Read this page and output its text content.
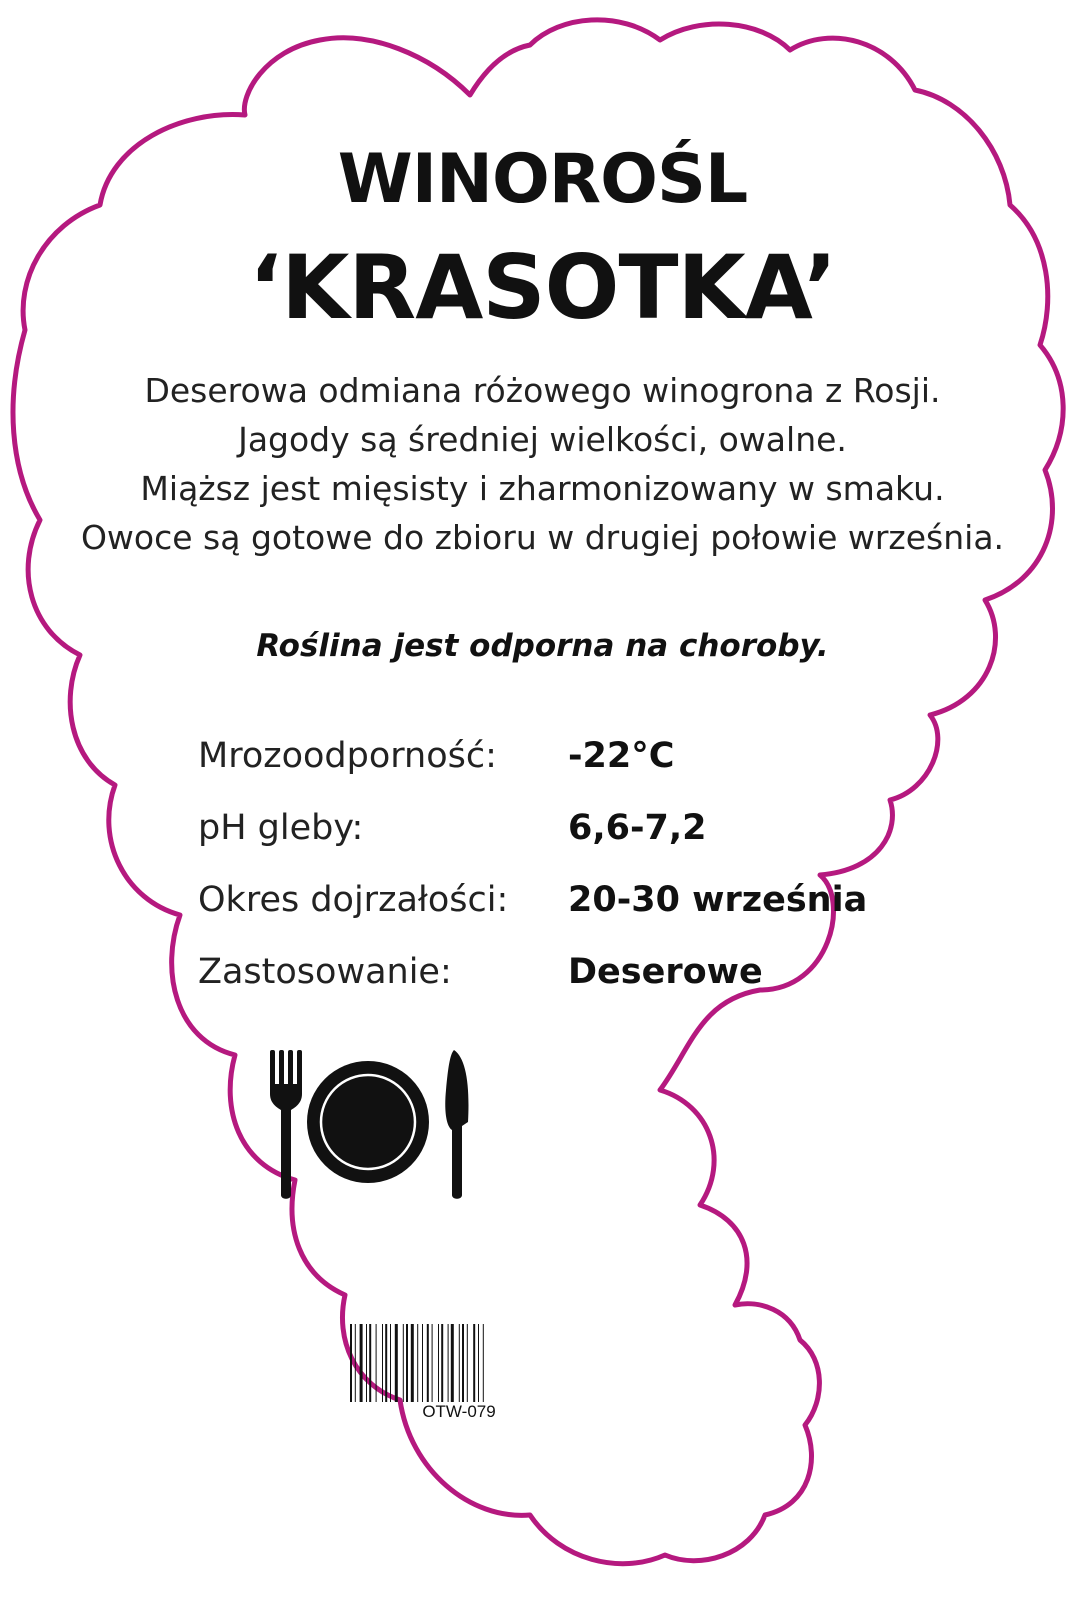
WINOROŚL
‘KRASOTKA’
Deserowa odmiana różowego winogrona z Rosji.
Jagody są średniej wielkości, owalne.
Miąższ jest mięsisty i zharmonizowany w smaku.
Owoce są gotowe do zbioru w drugiej połowie września.
Roślina jest odporna na choroby.
Mrozoodporność: -22°C
pH gleby:	6,6-7,2
Okres dojrzałości: 20-30 września
Zastosowanie:	Deserowe
OTW-079
